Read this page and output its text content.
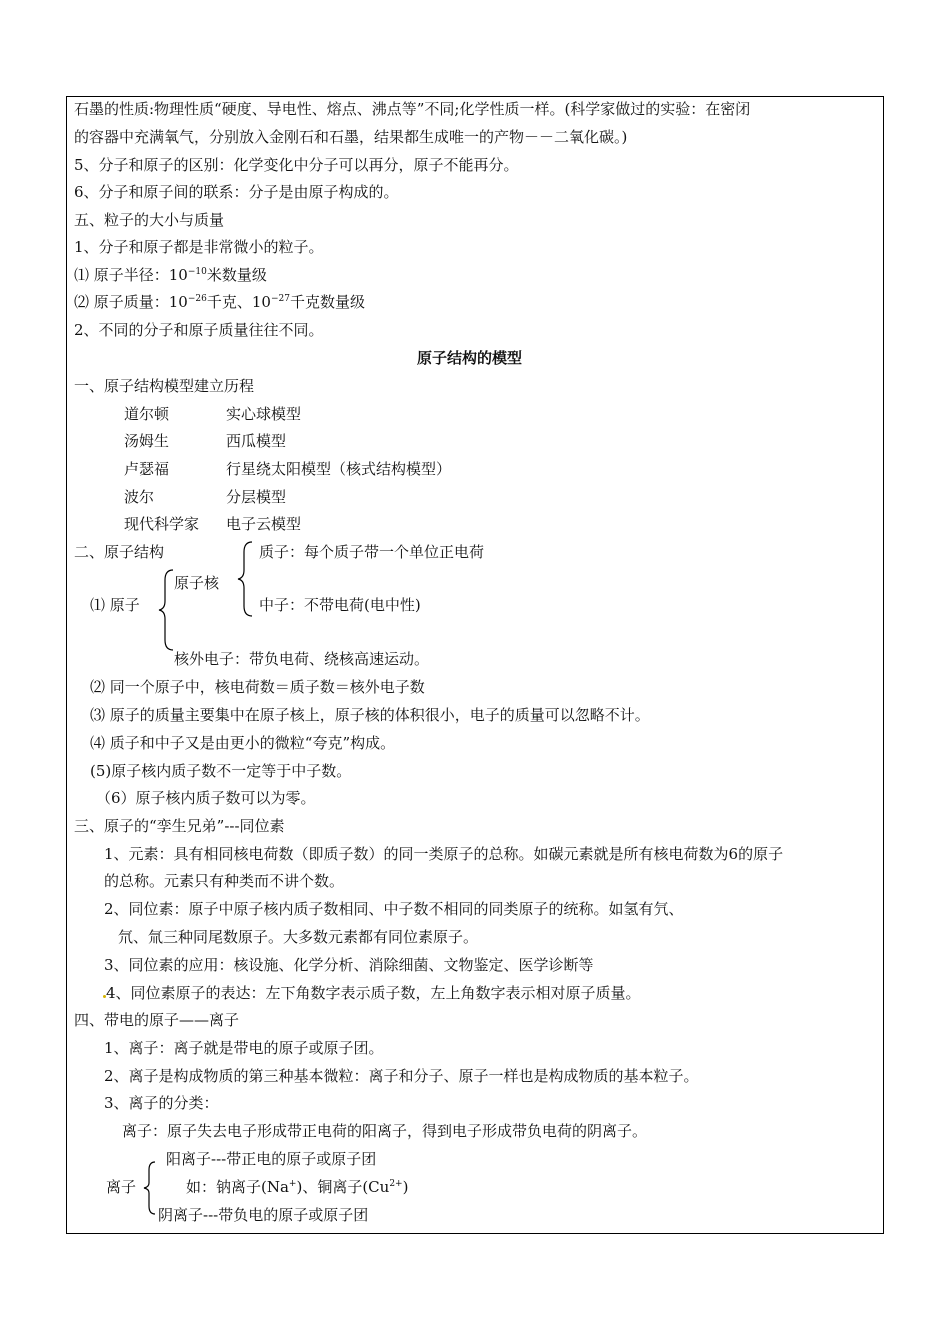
石墨的性质:物理性质“硬度、导电性、熔点、沸点等”不同;化学性质一样。(科学家做过的实验：在密闭
的容器中充满氧气，分别放入金刚石和石墨，结果都生成唯一的产物－－二氧化碳。)
5、分子和原子的区别：化学变化中分子可以再分，原子不能再分。
6、分子和原子间的联系：分子是由原子构成的。
五、粒子的大小与质量
1、分子和原子都是非常微小的粒子。
⑴ 原子半径：$10^{-10}$米数量级
⑵ 原子质量：$10^{-26}$千克、$10^{-27}$千克数量级
2、不同的分子和原子质量往往不同。
原子结构的模型
一、原子结构模型建立历程
道尔顿	实心球模型
汤姆生	西瓜模型
卢瑟福	行星绕太阳模型（核式结构模型）
波尔	分层模型
现代科学家 电子云模型
二、原子结构	质子：每个质子带一个单位正电荷
原子核
⑴ 原子	中子：不带电荷(电中性)
核外电子：带负电荷、绕核高速运动。
⑵ 同一个原子中，核电荷数＝质子数＝核外电子数
⑶ 原子的质量主要集中在原子核上，原子核的体积很小，电子的质量可以忽略不计。
⑷ 质子和中子又是由更小的微粒“夸克”构成。
(5)原子核内质子数不一定等于中子数。
（6）原子核内质子数可以为零。
三、原子的“孪生兄弟”---同位素
1、元素：具有相同核电荷数（即质子数）的同一类原子的总称。如碳元素就是所有核电荷数为6的原子
的总称。元素只有种类而不讲个数。
2、同位素：原子中原子核内质子数相同、中子数不相同的同类原子的统称。如氢有氕、
氘、氚三种同尾数原子。大多数元素都有同位素原子。
3、同位素的应用：核设施、化学分析、消除细菌、文物鉴定、医学诊断等
4、同位素原子的表达：左下角数字表示质子数，左上角数字表示相对原子质量。
四、带电的原子——离子
1、离子：离子就是带电的原子或原子团。
2、离子是构成物质的第三种基本微粒：离子和分子、原子一样也是构成物质的基本粒子。
3、离子的分类：
离子：原子失去电子形成带正电荷的阳离子，得到电子形成带负电荷的阴离子。
阳离子---带正电的原子或原子团
离子	如：钠离子(Na+)、铜离子$(Cu^{2+})$
阴离子---带负电的原子或原子团
